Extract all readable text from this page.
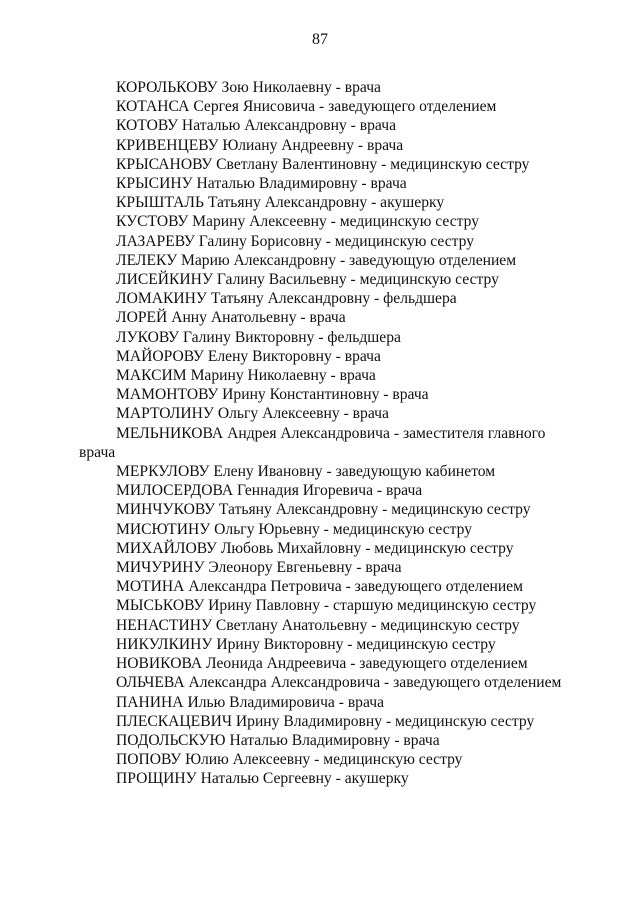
87

КОРОЛЬКОВУ Зою Николаевну - врача

КОТАНСА Сергея Янисовича - заведующего отделением

КОТОВУ Наталью Александровну - врача

КРИВЕНЦЕВУ Юлиану Андреевну - врача

КРЫСАНОВУ Светлану Валентиновну - медицинскую сестру

КРЫСИНУ Наталью Владимировну - врача

КРЫШТАЛЬ Татьяну Александровну - акушерку

КУСТОВУ Марину Алексеевну - медицинскую сестру

ЛАЗАРЕВУ Галину Борисовну - медицинскую сестру

ЛЕЛЕКУ Марию Александровну - заведующую отделением

ЛИСЕЙКИНУ Галину Васильевну - медицинскую сестру

ЛОМАКИНУ Татьяну Александровну - фельдшера

ЛОРЕЙ Анну Анатольевну - врача

ЛУКОВУ Галину Викторовну - фельдшера

МАЙОРОВУ Елену Викторовну - врача

МАКСИМ Марину Николаевну - врача

МАМОНТОВУ Ирину Константиновну - врача

МАРТОЛИНУ Ольгу Алексеевну - врача

МЕЛЬНИКОВА Андрея Александровича - заместителя главного врача

МЕРКУЛОВУ Елену Ивановну - заведующую кабинетом

МИЛОСЕРДОВА Геннадия Игоревича - врача

МИНЧУКОВУ Татьяну Александровну - медицинскую сестру

МИСЮТИНУ Ольгу Юрьевну - медицинскую сестру

МИХАЙЛОВУ Любовь Михайловну - медицинскую сестру

МИЧУРИНУ Элеонору Евгеньевну - врача

МОТИНА Александра Петровича - заведующего отделением

МЫСЬКОВУ Ирину Павловну - старшую медицинскую сестру

НЕНАСТИНУ Светлану Анатольевну - медицинскую сестру

НИКУЛКИНУ Ирину Викторовну - медицинскую сестру

НОВИКОВА Леонида Андреевича - заведующего отделением

ОЛЬЧЕВА Александра Александровича - заведующего отделением

ПАНИНА Илью Владимировича - врача

ПЛЕСКАЦЕВИЧ Ирину Владимировну - медицинскую сестру

ПОДОЛЬСКУЮ Наталью Владимировну - врача

ПОПОВУ Юлию Алексеевну - медицинскую сестру

ПРОЩИНУ Наталью Сергеевну - акушерку
